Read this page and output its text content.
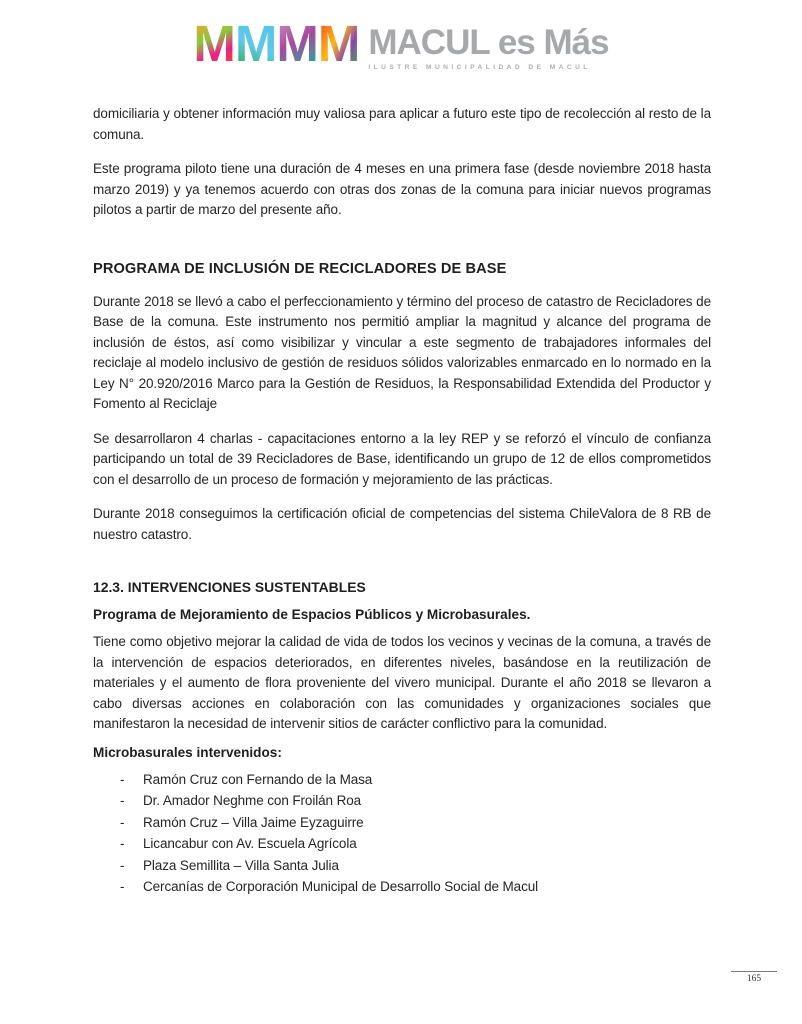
M M M M MACUL es Más
ILUSTRE MUNICIPALIDAD DE MACUL

domiciliaria y obtener información muy valiosa para aplicar a futuro este tipo de recolección al resto de la comuna.

Este programa piloto tiene una duración de 4 meses en una primera fase (desde noviembre 2018 hasta marzo 2019) y ya tenemos acuerdo con otras dos zonas de la comuna para iniciar nuevos programas pilotos a partir de marzo del presente año.

PROGRAMA DE INCLUSIÓN DE RECICLADORES DE BASE

Durante 2018 se llevó a cabo el perfeccionamiento y término del proceso de catastro de Recicladores de Base de la comuna. Este instrumento nos permitió ampliar la magnitud y alcance del programa de inclusión de éstos, así como visibilizar y vincular a este segmento de trabajadores informales del reciclaje al modelo inclusivo de gestión de residuos sólidos valorizables enmarcado en lo normado en la Ley N° 20.920/2016 Marco para la Gestión de Residuos, la Responsabilidad Extendida del Productor y Fomento al Reciclaje

Se desarrollaron 4 charlas - capacitaciones entorno a la ley REP y se reforzó el vínculo de confianza participando un total de 39 Recicladores de Base, identificando un grupo de 12 de ellos comprometidos con el desarrollo de un proceso de formación y mejoramiento de las prácticas.

Durante 2018 conseguimos la certificación oficial de competencias del sistema ChileValora de 8 RB de nuestro catastro.

12.3. INTERVENCIONES SUSTENTABLES
Programa de Mejoramiento de Espacios Públicos y Microbasurales.

Tiene como objetivo mejorar la calidad de vida de todos los vecinos y vecinas de la comuna, a través de la intervención de espacios deteriorados, en diferentes niveles, basándose en la reutilización de materiales y el aumento de flora proveniente del vivero municipal. Durante el año 2018 se llevaron a cabo diversas acciones en colaboración con las comunidades y organizaciones sociales que manifestaron la necesidad de intervenir sitios de carácter conflictivo para la comunidad.

Microbasurales intervenidos:
- Ramón Cruz con Fernando de la Masa
- Dr. Amador Neghme con Froilán Roa
- Ramón Cruz – Villa Jaime Eyzaguirre
- Licancabur con Av. Escuela Agrícola
- Plaza Semillita – Villa Santa Julia
- Cercanías de Corporación Municipal de Desarrollo Social de Macul
165
